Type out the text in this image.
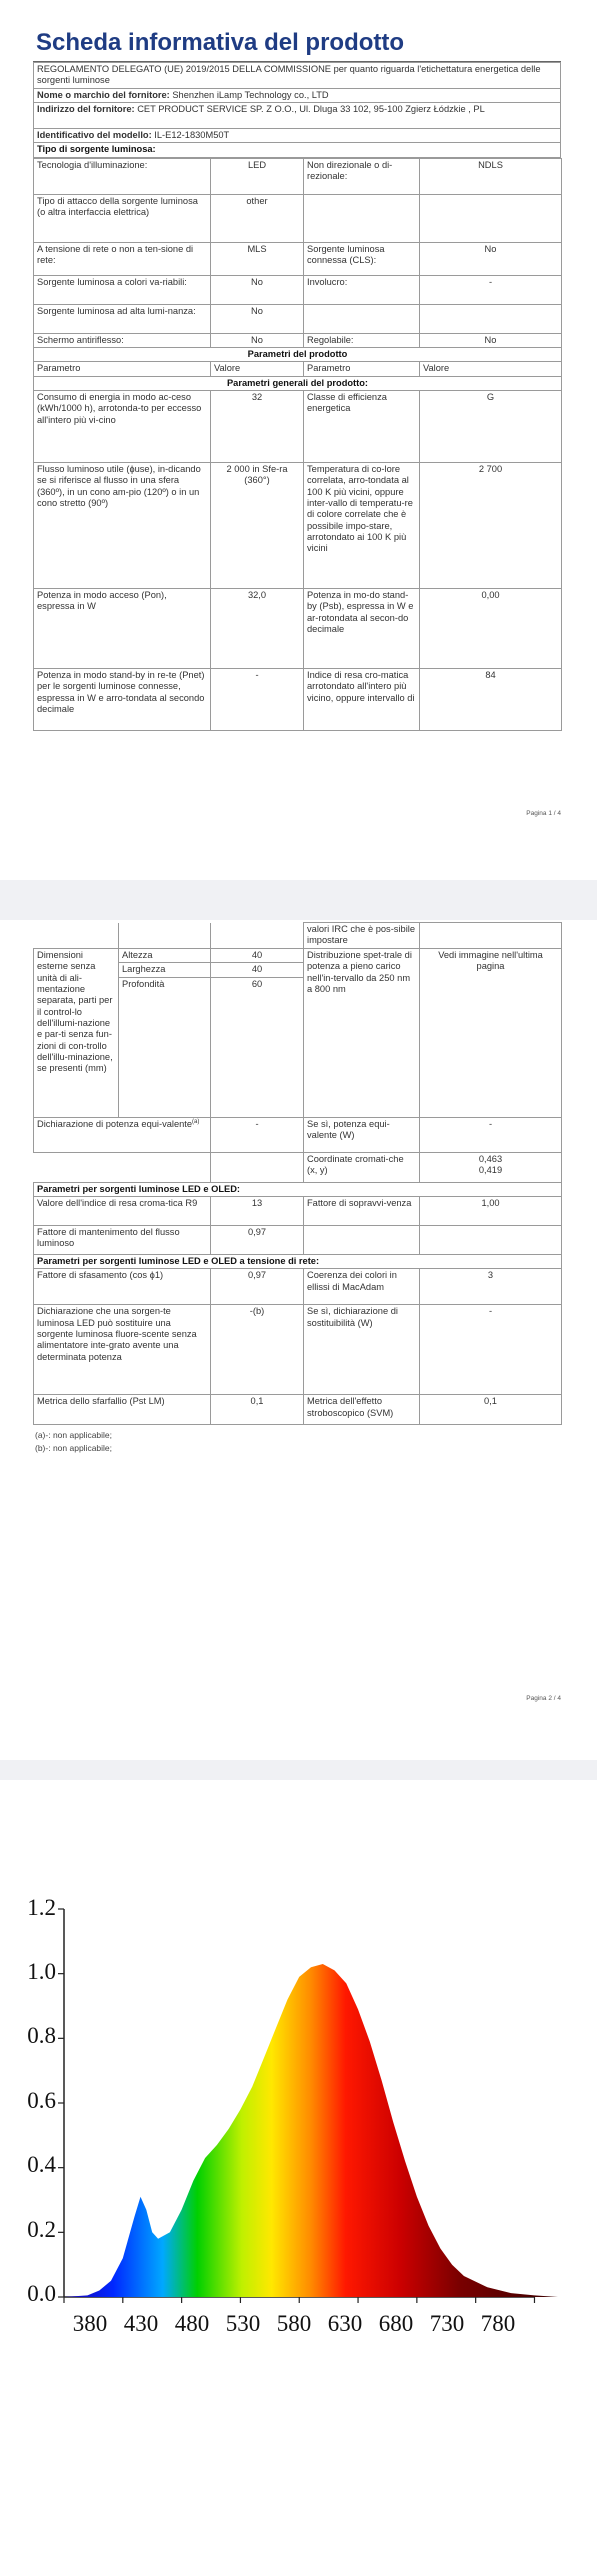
Scheda informativa del prodotto
REGOLAMENTO DELEGATO (UE) 2019/2015 DELLA COMMISSIONE per quanto riguarda l'etichettatura energetica delle sorgenti luminose
Nome o marchio del fornitore: Shenzhen iLamp Technology co., LTD
Indirizzo del fornitore: CET PRODUCT SERVICE SP. Z O.O., Ul. Dluga 33 102, 95-100 Zgierz Łódzkie , PL
Identificativo del modello: IL-E12-1830M50T
Tipo di sorgente luminosa:
Tecnologia d'illuminazione:	LED	Non direzionale o di-rezionale:	NDLS
Tipo di attacco della sorgente luminosa
(o altra interfaccia elettrica)	other		
A tensione di rete o non a ten-sione di rete:	MLS	Sorgente luminosa connessa (CLS):	No
Sorgente luminosa a colori va-riabili:	No	Involucro:	-
Sorgente luminosa ad alta lumi-nanza:	No		
Schermo antiriflesso:	No	Regolabile:	No
Parametri del prodotto			
Parametro	Valore	Parametro	Valore
Parametri generali del prodotto:			
Consumo di energia in modo ac-ceso (kWh/1000 h), arrotonda-to per eccesso all'intero più vi-cino	32	Classe di efficienza energetica	G
Flusso luminoso utile (ɸuse), in-dicando se si riferisce al flusso in una sfera (360º), in un cono am-pio (120º) o in un cono stretto (90º)	2 000 in Sfe-ra (360°)	Temperatura di co-lore correlata, arro-tondata al 100 K più vicini, oppure inter-vallo di temperatu-re di colore correlate che è possibile impo-stare, arrotondato ai 100 K più vicini	2 700
Potenza in modo acceso (Pon), espressa in W	32,0	Potenza in mo-do stand-by (Psb), espressa in W e ar-rotondata al secon-do decimale	0,00
Potenza in modo stand-by in re-te (Pnet) per le sorgenti luminose connesse, espressa in W e arro-tondata al secondo decimale	-	Indice di resa cro-matica arrotondato all'intero più vicino, oppure intervallo di	84
Pagina 1 / 4
			valori IRC che è pos-sibile impostare	
Dimensioni esterne senza unità di ali-mentazione separata, parti per il control-lo dell'illumi-nazione e par-ti senza fun-zioni di con-trollo dell'illu-minazione, se presenti (mm)	Altezza	40	Distribuzione spet-trale di potenza a pieno carico nell'in-tervallo da 250 nm a 800 nm	Vedi immagine nell'ultima pagina
	Larghezza	40		
	Profondità	60		
Dichiarazione di potenza equi-valente$^{(a)}$		-	Se sì, potenza equi-valente (W)	-
			Coordinate cromati-che (x, y)	0,463
0,419
Parametri per sorgenti luminose LED e OLED:				
Valore dell'indice di resa croma-tica R9		13	Fattore di sopravvi-venza	1,00
Fattore di mantenimento del flusso luminoso		0,97		
Parametri per sorgenti luminose LED e OLED a tensione di rete:				
Fattore di sfasamento (cos ϕ1)		0,97	Coerenza dei colori in ellissi di MacAdam	3
Dichiarazione che una sorgen-te luminosa LED può sostituire una sorgente luminosa fluore-scente senza alimentatore inte-grato avente una determinata potenza		-(b)	Se sì, dichiarazione di sostituibilità (W)	-
Metrica dello sfarfallio (Pst LM)		0,1	Metrica dell'effetto stroboscopico (SVM)	0,1
(a)-: non applicabile;
(b)-: non applicabile;
Pagina 2 / 4
1.2
1.0
0.8
0.6
0.4
0.2
0.0
380 430 480 530 580 630 680 730 780
